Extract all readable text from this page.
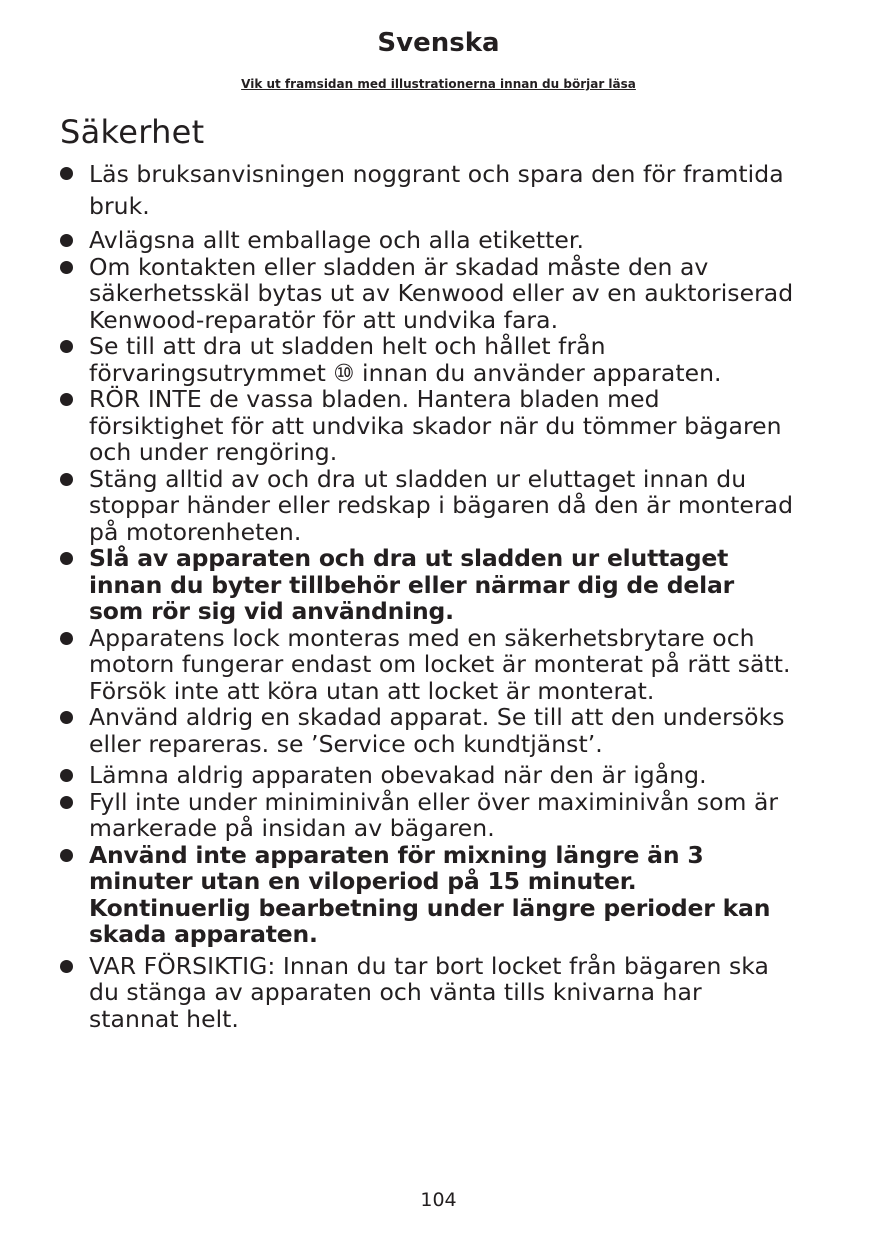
Svenska
Vik ut framsidan med illustrationerna innan du börjar läsa
Säkerhet
Läs bruksanvisningen noggrant och spara den för framtida bruk.
Avlägsna allt emballage och alla etiketter.
Om kontakten eller sladden är skadad måste den av säkerhetsskäl bytas ut av Kenwood eller av en auktoriserad Kenwood-reparatör för att undvika fara.
Se till att dra ut sladden helt och hållet från förvaringsutrymmet ⑩ innan du använder apparaten.
RÖR INTE de vassa bladen. Hantera bladen med försiktighet för att undvika skador när du tömmer bägaren och under rengöring.
Stäng alltid av och dra ut sladden ur eluttaget innan du stoppar händer eller redskap i bägaren då den är monterad på motorenheten.
Slå av apparaten och dra ut sladden ur eluttaget innan du byter tillbehör eller närmar dig de delar som rör sig vid användning.
Apparatens lock monteras med en säkerhetsbrytare och motorn fungerar endast om locket är monterat på rätt sätt. Försök inte att köra utan att locket är monterat.
Använd aldrig en skadad apparat. Se till att den undersöks eller repareras. se ’Service och kundtjänst’.
Lämna aldrig apparaten obevakad när den är igång.
Fyll inte under miniminivån eller över maximinivån som är markerade på insidan av bägaren.
Använd inte apparaten för mixning längre än 3 minuter utan en viloperiod på 15 minuter. Kontinuerlig bearbetning under längre perioder kan skada apparaten.
VAR FÖRSIKTIG: Innan du tar bort locket från bägaren ska du stänga av apparaten och vänta tills knivarna har stannat helt.
104
